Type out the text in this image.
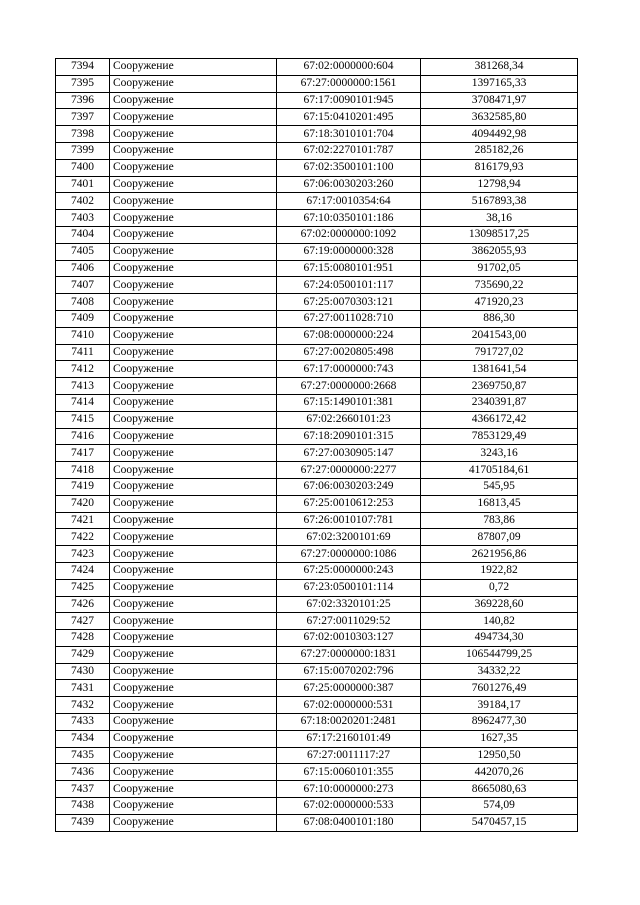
7394	Сооружение	67:02:0000000:604	381268,34
7395	Сооружение	67:27:0000000:1561	1397165,33
7396	Сооружение	67:17:0090101:945	3708471,97
7397	Сооружение	67:15:0410201:495	3632585,80
7398	Сооружение	67:18:3010101:704	4094492,98
7399	Сооружение	67:02:2270101:787	285182,26
7400	Сооружение	67:02:3500101:100	816179,93
7401	Сооружение	67:06:0030203:260	12798,94
7402	Сооружение	67:17:0010354:64	5167893,38
7403	Сооружение	67:10:0350101:186	38,16
7404	Сооружение	67:02:0000000:1092	13098517,25
7405	Сооружение	67:19:0000000:328	3862055,93
7406	Сооружение	67:15:0080101:951	91702,05
7407	Сооружение	67:24:0500101:117	735690,22
7408	Сооружение	67:25:0070303:121	471920,23
7409	Сооружение	67:27:0011028:710	886,30
7410	Сооружение	67:08:0000000:224	2041543,00
7411	Сооружение	67:27:0020805:498	791727,02
7412	Сооружение	67:17:0000000:743	1381641,54
7413	Сооружение	67:27:0000000:2668	2369750,87
7414	Сооружение	67:15:1490101:381	2340391,87
7415	Сооружение	67:02:2660101:23	4366172,42
7416	Сооружение	67:18:2090101:315	7853129,49
7417	Сооружение	67:27:0030905:147	3243,16
7418	Сооружение	67:27:0000000:2277	41705184,61
7419	Сооружение	67:06:0030203:249	545,95
7420	Сооружение	67:25:0010612:253	16813,45
7421	Сооружение	67:26:0010107:781	783,86
7422	Сооружение	67:02:3200101:69	87807,09
7423	Сооружение	67:27:0000000:1086	2621956,86
7424	Сооружение	67:25:0000000:243	1922,82
7425	Сооружение	67:23:0500101:114	0,72
7426	Сооружение	67:02:3320101:25	369228,60
7427	Сооружение	67:27:0011029:52	140,82
7428	Сооружение	67:02:0010303:127	494734,30
7429	Сооружение	67:27:0000000:1831	106544799,25
7430	Сооружение	67:15:0070202:796	34332,22
7431	Сооружение	67:25:0000000:387	7601276,49
7432	Сооружение	67:02:0000000:531	39184,17
7433	Сооружение	67:18:0020201:2481	8962477,30
7434	Сооружение	67:17:2160101:49	1627,35
7435	Сооружение	67:27:0011117:27	12950,50
7436	Сооружение	67:15:0060101:355	442070,26
7437	Сооружение	67:10:0000000:273	8665080,63
7438	Сооружение	67:02:0000000:533	574,09
7439	Сооружение	67:08:0400101:180	5470457,15
